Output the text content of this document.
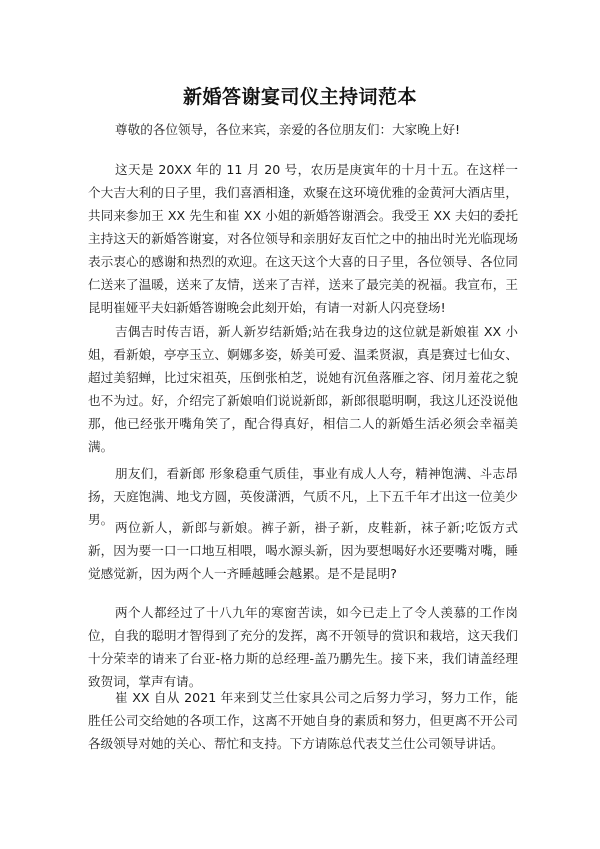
新婚答谢宴司仪主持词范本

尊敬的各位领导，各位来宾，亲爱的各位朋友们：大家晚上好!

这天是 20XX 年的 11 月 20 号，农历是庚寅年的十月十五。在这样一个大吉大利的日子里，我们喜酒相逢，欢聚在这环境优雅的金黄河大酒店里，共同来参加王 XX 先生和崔 XX 小姐的新婚答谢酒会。我受王 XX 夫妇的委托主持这天的新婚答谢宴，对各位领导和亲朋好友百忙之中的抽出时光光临现场表示衷心的感谢和热烈的欢迎。在这天这个大喜的日子里，各位领导、各位同仁送来了温暖，送来了友情，送来了吉祥，送来了最完美的祝福。我宣布，王昆明崔娅平夫妇新婚答谢晚会此刻开始，有请一对新人闪亮登场!

吉偶吉时传吉语，新人新岁结新婚;站在我身边的这位就是新娘崔 XX 小姐，看新娘，亭亭玉立、婀娜多姿，娇美可爱、温柔贤淑，真是赛过七仙女、超过美貂蝉，比过宋祖英，压倒张柏芝，说她有沉鱼落雁之容、闭月羞花之貌也不为过。好，介绍完了新娘咱们说说新郎，新郎很聪明啊，我这儿还没说他那，他已经张开嘴角笑了，配合得真好，相信二人的新婚生活必须会幸福美满。

朋友们，看新郎 形象稳重气质佳，事业有成人人夸，精神饱满、斗志昂扬，天庭饱满、地戈方圆，英俊潇洒，气质不凡，上下五千年才出这一位美少男。

两位新人，新郎与新娘。裤子新，褂子新，皮鞋新，袜子新;吃饭方式新，因为要一口一口地互相喂，喝水源头新，因为要想喝好水还要嘴对嘴，睡觉感觉新，因为两个人一齐睡越睡会越累。是不是昆明?

两个人都经过了十八九年的寒窗苦读，如今已走上了令人羡慕的工作岗位，自我的聪明才智得到了充分的发挥，离不开领导的赏识和栽培，这天我们十分荣幸的请来了台亚-格力斯的总经理-盖乃鹏先生。接下来，我们请盖经理致贺词，掌声有请。

崔 XX 自从 2021 年来到艾兰仕家具公司之后努力学习，努力工作，能胜任公司交给她的各项工作，这离不开她自身的素质和努力，但更离不开公司各级领导对她的关心、帮忙和支持。下方请陈总代表艾兰仕公司领导讲话。
